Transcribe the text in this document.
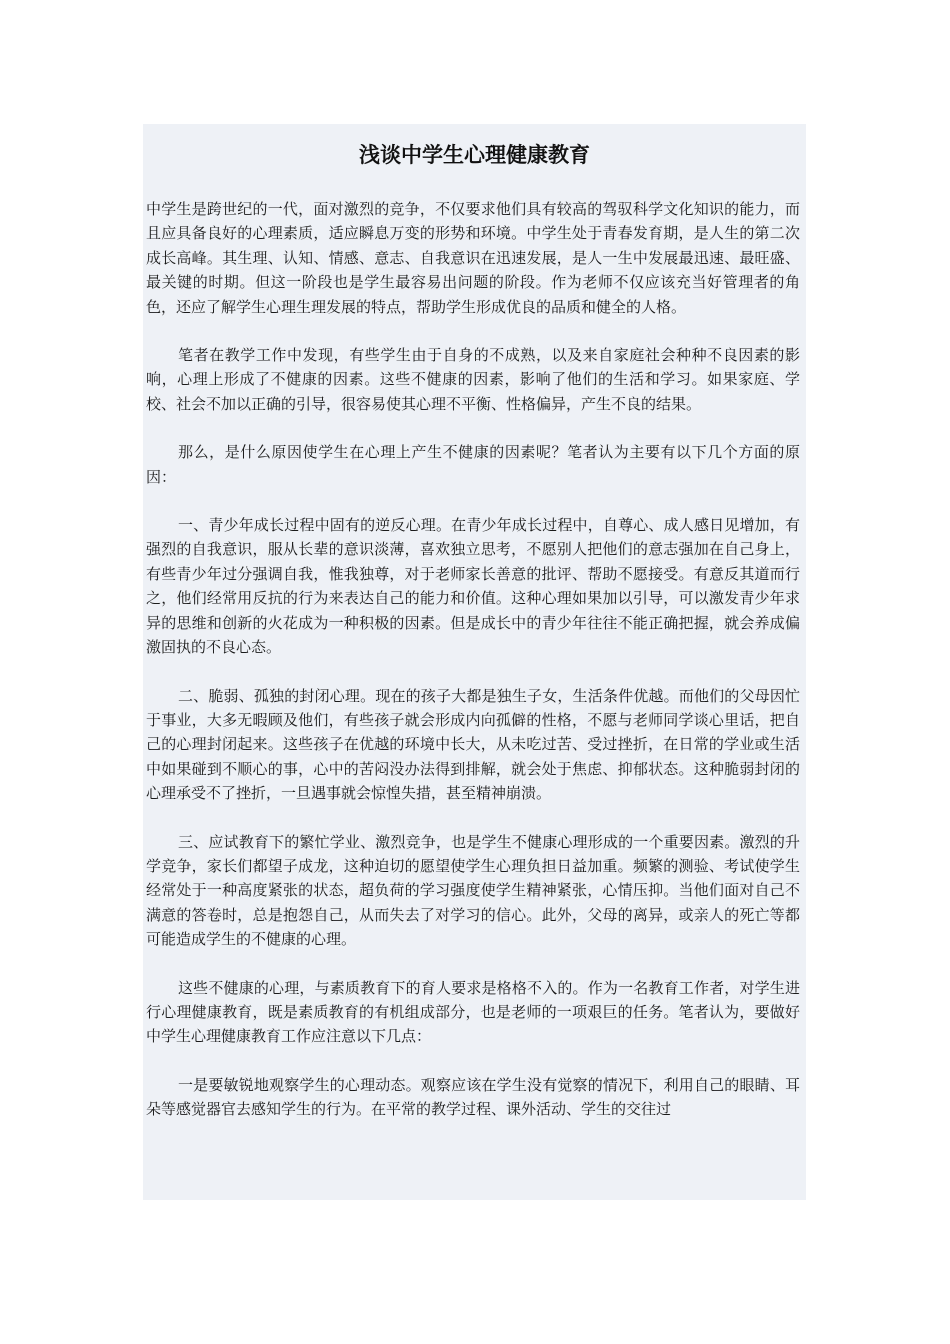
浅谈中学生心理健康教育

中学生是跨世纪的一代，面对激烈的竞争，不仅要求他们具有较高的驾驭科学文化知识的能力，而且应具备良好的心理素质，适应瞬息万变的形势和环境。中学生处于青春发育期，是人生的第二次成长高峰。其生理、认知、情感、意志、自我意识在迅速发展，是人一生中发展最迅速、最旺盛、最关键的时期。但这一阶段也是学生最容易出问题的阶段。作为老师不仅应该充当好管理者的角色，还应了解学生心理生理发展的特点，帮助学生形成优良的品质和健全的人格。

笔者在教学工作中发现，有些学生由于自身的不成熟，以及来自家庭社会种种不良因素的影响，心理上形成了不健康的因素。这些不健康的因素，影响了他们的生活和学习。如果家庭、学校、社会不加以正确的引导，很容易使其心理不平衡、性格偏异，产生不良的结果。

那么，是什么原因使学生在心理上产生不健康的因素呢？笔者认为主要有以下几个方面的原因：

一、青少年成长过程中固有的逆反心理。在青少年成长过程中，自尊心、成人感日见增加，有强烈的自我意识，服从长辈的意识淡薄，喜欢独立思考，不愿别人把他们的意志强加在自己身上，有些青少年过分强调自我，惟我独尊，对于老师家长善意的批评、帮助不愿接受。有意反其道而行之，他们经常用反抗的行为来表达自己的能力和价值。这种心理如果加以引导，可以激发青少年求异的思维和创新的火花成为一种积极的因素。但是成长中的青少年往往不能正确把握，就会养成偏激固执的不良心态。

二、脆弱、孤独的封闭心理。现在的孩子大都是独生子女，生活条件优越。而他们的父母因忙于事业，大多无暇顾及他们，有些孩子就会形成内向孤僻的性格，不愿与老师同学谈心里话，把自己的心理封闭起来。这些孩子在优越的环境中长大，从未吃过苦、受过挫折，在日常的学业或生活中如果碰到不顺心的事，心中的苦闷没办法得到排解，就会处于焦虑、抑郁状态。这种脆弱封闭的心理承受不了挫折，一旦遇事就会惊惶失措，甚至精神崩溃。

三、应试教育下的繁忙学业、激烈竞争，也是学生不健康心理形成的一个重要因素。激烈的升学竞争，家长们都望子成龙，这种迫切的愿望使学生心理负担日益加重。频繁的测验、考试使学生经常处于一种高度紧张的状态，超负荷的学习强度使学生精神紧张，心情压抑。当他们面对自己不满意的答卷时，总是抱怨自己，从而失去了对学习的信心。此外，父母的离异，或亲人的死亡等都可能造成学生的不健康的心理。

这些不健康的心理，与素质教育下的育人要求是格格不入的。作为一名教育工作者，对学生进行心理健康教育，既是素质教育的有机组成部分，也是老师的一项艰巨的任务。笔者认为，要做好中学生心理健康教育工作应注意以下几点：

一是要敏锐地观察学生的心理动态。观察应该在学生没有觉察的情况下，利用自己的眼睛、耳朵等感觉器官去感知学生的行为。在平常的教学过程、课外活动、学生的交往过
